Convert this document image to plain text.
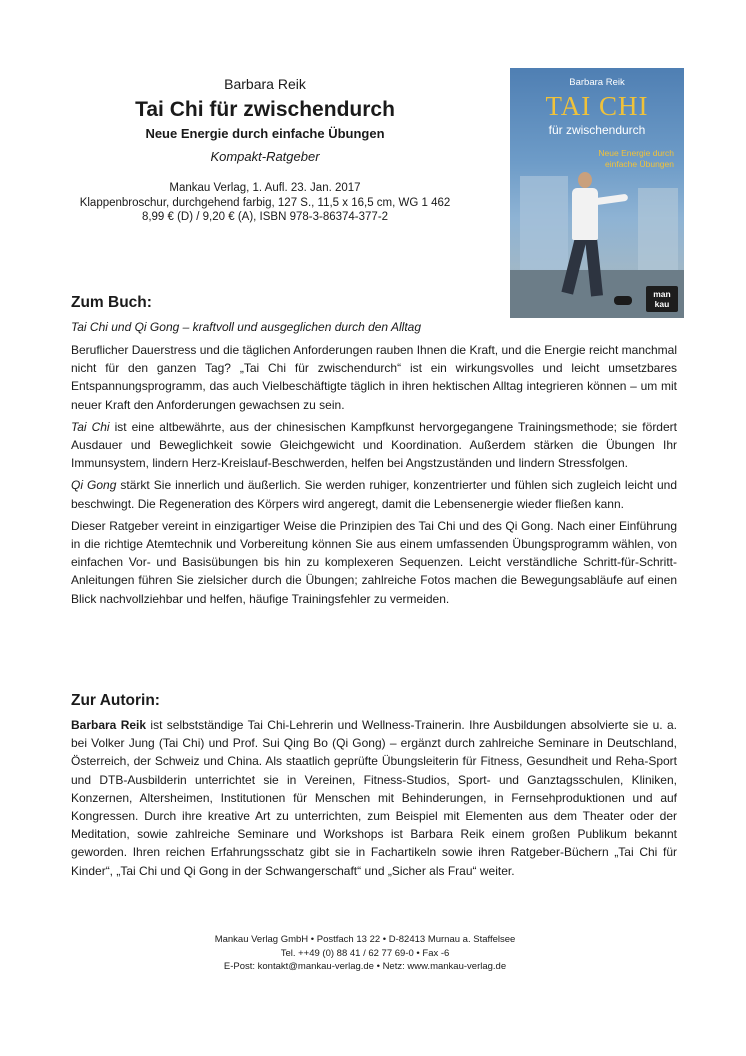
Barbara Reik
Tai Chi für zwischendurch
Neue Energie durch einfache Übungen
Kompakt-Ratgeber
Mankau Verlag, 1. Aufl. 23. Jan. 2017
Klappenbroschur, durchgehend farbig, 127 S., 11,5 x 16,5 cm, WG 1 462
8,99 € (D) / 9,20 € (A), ISBN 978-3-86374-377-2
Barbara Reik
TAI CHI
für zwischendurch
Neue Energie durch einfache Übungen
man
kau
Zum Buch:
Tai Chi und Qi Gong – kraftvoll und ausgeglichen durch den Alltag

Beruflicher Dauerstress und die täglichen Anforderungen rauben Ihnen die Kraft, und die Energie reicht manchmal nicht für den ganzen Tag? „Tai Chi für zwischendurch“ ist ein wirkungsvolles und leicht umsetzbares Entspannungsprogramm, das auch Vielbeschäftigte täglich in ihren hektischen Alltag integrieren können – um mit neuer Kraft den Anforderungen gewachsen zu sein.

Tai Chi ist eine altbewährte, aus der chinesischen Kampfkunst hervorgegangene Trainingsmethode; sie fördert Ausdauer und Beweglichkeit sowie Gleichgewicht und Koordination. Außerdem stärken die Übungen Ihr Immunsystem, lindern Herz-Kreislauf-Beschwerden, helfen bei Angstzuständen und lindern Stressfolgen.

Qi Gong stärkt Sie innerlich und äußerlich. Sie werden ruhiger, konzentrierter und fühlen sich zugleich leicht und beschwingt. Die Regeneration des Körpers wird angeregt, damit die Lebensenergie wieder fließen kann.

Dieser Ratgeber vereint in einzigartiger Weise die Prinzipien des Tai Chi und des Qi Gong. Nach einer Einführung in die richtige Atemtechnik und Vorbereitung können Sie aus einem umfassenden Übungsprogramm wählen, von einfachen Vor- und Basisübungen bis hin zu komplexeren Sequenzen. Leicht verständliche Schritt-für-Schritt-Anleitungen führen Sie zielsicher durch die Übungen; zahlreiche Fotos machen die Bewegungsabläufe auf einen Blick nachvollziehbar und helfen, häufige Trainingsfehler zu vermeiden.

Zur Autorin:

Barbara Reik ist selbstständige Tai Chi-Lehrerin und Wellness-Trainerin. Ihre Ausbildungen absolvierte sie u. a. bei Volker Jung (Tai Chi) und Prof. Sui Qing Bo (Qi Gong) – ergänzt durch zahlreiche Seminare in Deutschland, Österreich, der Schweiz und China. Als staatlich geprüfte Übungsleiterin für Fitness, Gesundheit und Reha-Sport und DTB-Ausbilderin unterrichtet sie in Vereinen, Fitness-Studios, Sport- und Ganztagsschulen, Kliniken, Konzernen, Altersheimen, Institutionen für Menschen mit Behinderungen, in Fernsehproduktionen und auf Kongressen. Durch ihre kreative Art zu unterrichten, zum Beispiel mit Elementen aus dem Theater oder der Meditation, sowie zahlreiche Seminare und Workshops ist Barbara Reik einem großen Publikum bekannt geworden. Ihren reichen Erfahrungsschatz gibt sie in Fachartikeln sowie ihren Ratgeber-Büchern „Tai Chi für Kinder“, „Tai Chi und Qi Gong in der Schwangerschaft“ und „Sicher als Frau“ weiter.

Mankau Verlag GmbH • Postfach 13 22 • D-82413 Murnau a. Staffelsee
Tel. ++49 (0) 88 41 / 62 77 69-0 • Fax -6
E-Post: kontakt@mankau-verlag.de • Netz: www.mankau-verlag.de
